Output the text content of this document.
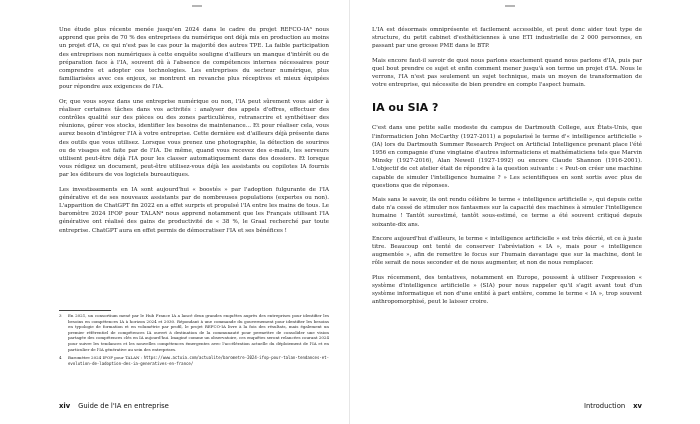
Une étude plus récente menée jusqu'en 2024 dans le cadre du projet REFCO-IA³ nous apprend que près de 70 % des entreprises du numérique ont déjà mis en production au moins un projet d'IA, ce qui n'est pas le cas pour la majorité des autres TPE. La faible participation des entreprises non numériques à cette enquête souligne d'ailleurs un manque d'intérêt ou de préparation face à l'IA, souvent dû à l'absence de compétences internes nécessaires pour comprendre et adopter ces technologies. Les entreprises du secteur numérique, plus familiarisées avec ces enjeux, se montrent en revanche plus réceptives et mieux équipées pour répondre aux exigences de l'IA.

Or, que vous soyez dans une entreprise numérique ou non, l'IA peut sûrement vous aider à réaliser certaines tâches dans vos activités : analyser des appels d'offres, effectuer des contrôles qualité sur des pièces ou des zones particulières, retranscrire et synthétiser des réunions, gérer vos stocks, identifier les besoins de maintenance... Et pour réaliser cela, vous aurez besoin d'intégrer l'IA à votre entreprise. Cette dernière est d'ailleurs déjà présente dans des outils que vous utilisez. Lorsque vous prenez une photographie, la détection de sourires ou de visages est faite par de l'IA. De même, quand vous recevez des e-mails, les serveurs utilisent peut-être déjà l'IA pour les classer automatiquement dans des dossiers. Et lorsque vous rédigez un document, peut-être utilisez-vous déjà les assistants ou copilotes IA fournis par les éditeurs de vos logiciels bureautiques.

Les investissements en IA sont aujourd'hui « boostés » par l'adoption fulgurante de l'IA générative et de ses nouveaux assistants par de nombreuses populations (expertes ou non). L'apparition de ChatGPT fin 2022 en a effet surpris et propulsé l'IA entre les mains de tous. Le baromètre 2024 IFOP pour TALAN⁴ nous apprend notamment que les Français utilisant l'IA générative ont réalisé des gains de productivité de « 38 %, le Graal recherché par toute entreprise. ChatGPT aura en effet permis de démocratiser l'IA et ses bénéfices !

3	En 2021, un consortium mené par le Hub France IA a lancé deux grandes enquêtes auprès des entreprises pour identifier les besoins en compétences IA à horizon 2024 et 2030. Répondant à une commande du gouvernement pour identifier les besoins en typologie de formation et en volumétrie par profil, le projet REFCO-IA livre à la fois des résultats, mais également un premier référentiel de compétences IA ouvert à destination de la communauté pour permettre de consolider une vision partagée des compétences clés en IA aujourd'hui. Imaginé comme un observatoire, ces enquêtes seront relancées courant 2024 pour suivre les tendances et les nouvelles compétences émergentes avec l'accélération actuelle du déploiement de l'IA et en particulier de l'IA générative au sein des entreprises.
4	Baromètre 2024 IFOP pour TALAN : https://www.actuia.com/actualite/barometre-2024-ifop-pour-talan-tendances-et-evolution-de-ladoption-des-ia-generatives-en-france/
xiv Guide de l'IA en entreprise

L'IA est désormais omniprésente et facilement accessible, et peut donc aider tout type de structure, du petit cabinet d'esthéticiennes à une ETI industrielle de 2 000 personnes, en passant par une grosse PME dans le BTP.

Mais encore faut-il savoir de quoi nous parlons exactement quand nous parlons d'IA, puis par quel bout prendre ce sujet et enfin comment mener jusqu'à son terme un projet d'IA. Nous le verrons, l'IA n'est pas seulement un sujet technique, mais un moyen de transformation de votre entreprise, qui nécessite de bien prendre en compte l'aspect humain.

IA ou SIA ?

C'est dans une petite salle modeste du campus de Dartmouth College, aux États-Unis, que l'informaticien John McCarthy (1927-2011) a popularisé le terme d'« intelligence artificielle » (IA) lors du Dartmouth Summer Research Project on Artificial Intelligence prenant place l'été 1956 en compagnie d'une vingtaine d'autres informaticiens et mathématiciens tels que Marvin Minsky (1927-2016), Alan Newell (1927-1992) ou encore Claude Shannon (1916-2001). L'objectif de cet atelier était de répondre à la question suivante : « Peut-on créer une machine capable de simuler l'intelligence humaine ? » Les scientifiques en sont sortis avec plus de questions que de réponses.

Mais sans le savoir, ils ont rendu célèbre le terme « intelligence artificielle », qui depuis cette date n'a cessé de stimuler nos fantasmes sur la capacité des machines à simuler l'intelligence humaine ! Tantôt surestimé, tantôt sous-estimé, ce terme a été souvent critiqué depuis soixante-dix ans.

Encore aujourd'hui d'ailleurs, le terme « intelligence artificielle » est très décrié, et ce à juste titre. Beaucoup ont tenté de conserver l'abréviation « IA », mais pour « intelligence augmentée », afin de remettre le focus sur l'humain davantage que sur la machine, dont le rôle serait de nous seconder et de nous augmenter, et non de nous remplacer.

Plus récemment, des tentatives, notamment en Europe, poussent à utiliser l'expression « système d'intelligence artificielle » (SIA) pour nous rappeler qu'il s'agit avant tout d'un système informatique et non d'une entité à part entière, comme le terme « IA », trop souvent anthropomorphisé, peut le laisser croire.

Introduction xv
